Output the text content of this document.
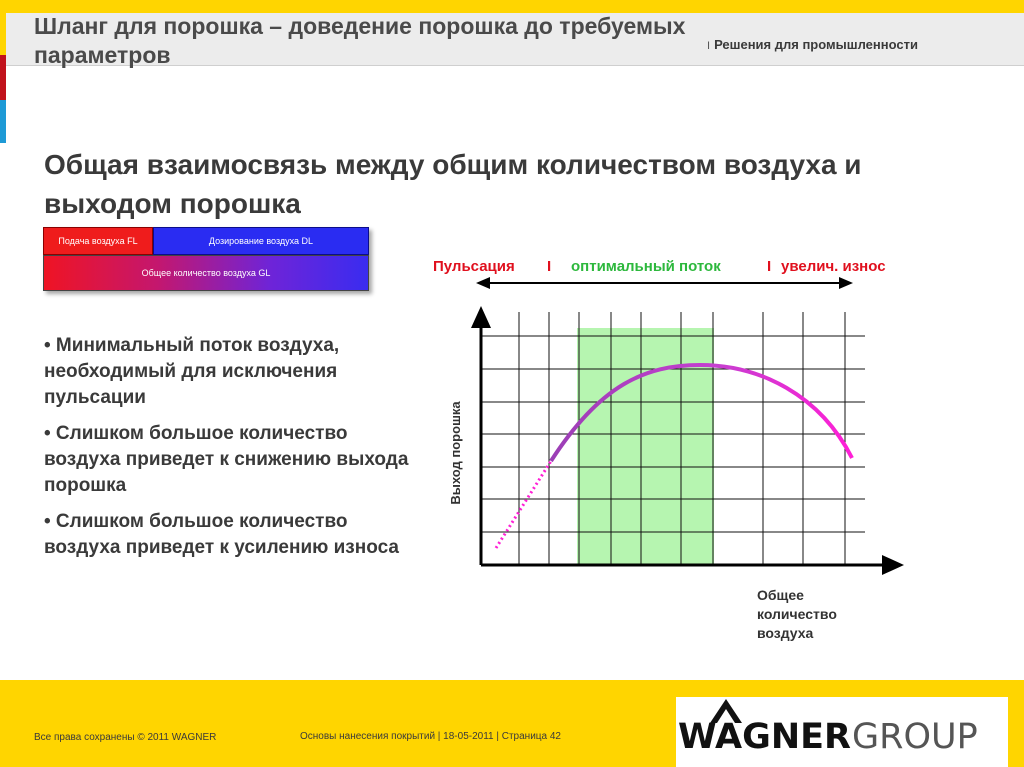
Шланг для порошка – доведение порошка до требуемых параметров	I Решения для промышленности
Общая взаимосвязь между общим количеством воздуха и выходом порошка
Подача воздуха FL	Дозирование воздуха DL
Общее количество воздуха GL
• Минимальный поток воздуха, необходимый для исключения пульсации
• Слишком большое количество воздуха приведет к снижению выхода порошка
• Слишком большое количество воздуха приведет к усилению износа
Пульсация I оптимальный поток	I увелич. износ
Выход порошка
Общее
количество
воздуха
Все права сохранены © 2011 WAGNER	Основы нанесения покрытий | 18-05-2011 | Страница 42	WAGNER GROUP
